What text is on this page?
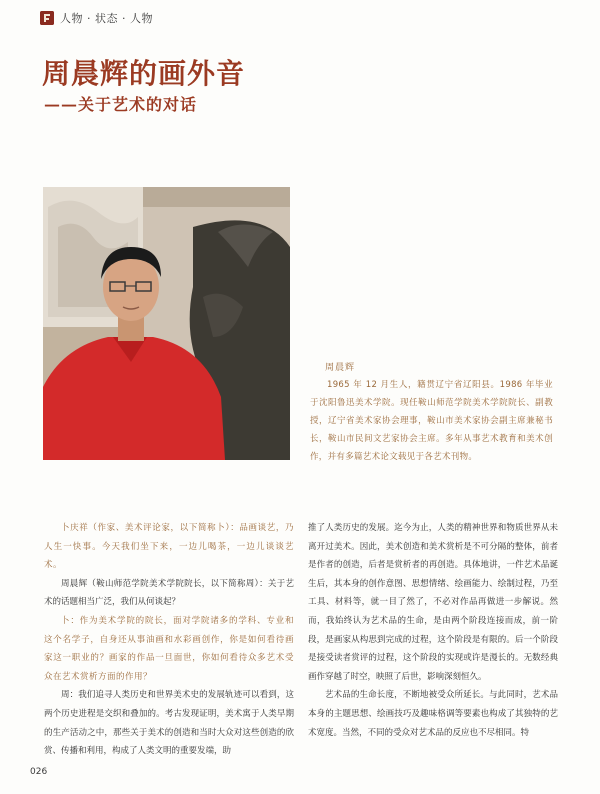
人物 · 状态 · 人物
周晨辉的画外音
——关于艺术的对话
周晨辉
1965 年 12 月生人，籍贯辽宁省辽阳县。1986 年毕业于沈阳鲁迅美术学院。现任鞍山师范学院美术学院院长、副教授，辽宁省美术家协会理事，鞍山市美术家协会副主席兼秘书长，鞍山市民间文艺家协会主席。多年从事艺术教育和美术创作，并有多篇艺术论文载见于各艺术刊物。

卜庆祥（作家、美术评论家，以下简称卜）：品画谈艺，乃人生一快事。今天我们坐下来，一边儿喝茶，一边儿谈谈艺术。

周晨辉（鞍山师范学院美术学院院长，以下简称周）：关于艺术的话题相当广泛，我们从何谈起？

卜：作为美术学院的院长，面对学院诸多的学科、专业和这个名学子，自身还从事油画和水彩画创作，你是如何看待画家这一职业的？画家的作品一旦面世，你如何看待众多艺术受众在艺术赏析方面的作用？

周：我们追寻人类历史和世界美术史的发展轨迹可以看到，这两个历史进程是交织和叠加的。考古发现证明，美术寓于人类早期的生产活动之中，那些关于美术的创造和当时大众对这些创造的欣赏、传播和利用，构成了人类文明的重要发端，助

推了人类历史的发展。迄今为止，人类的精神世界和物质世界从未离开过美术。因此，美术创造和美术赏析是不可分隔的整体，前者是作者的创造，后者是赏析者的再创造。具体地讲，一件艺术品诞生后，其本身的创作意图、思想情绪、绘画能力、绘制过程，乃至工具、材料等，就一目了然了，不必对作品再做进一步解说。然而，我始终认为艺术品的生命，是由两个阶段连接而成，前一阶段，是画家从构思到完成的过程，这个阶段是有限的。后一个阶段是接受读者赏评的过程，这个阶段的实现或许是漫长的。无数经典画作穿越了时空，映照了后世，影响深刻恒久。

艺术品的生命长度，不断地被受众所延长。与此同时，艺术品本身的主题思想、绘画技巧及趣味格调等要素也构成了其独特的艺术宽度。当然，不同的受众对艺术品的反应也不尽相同。特

026
